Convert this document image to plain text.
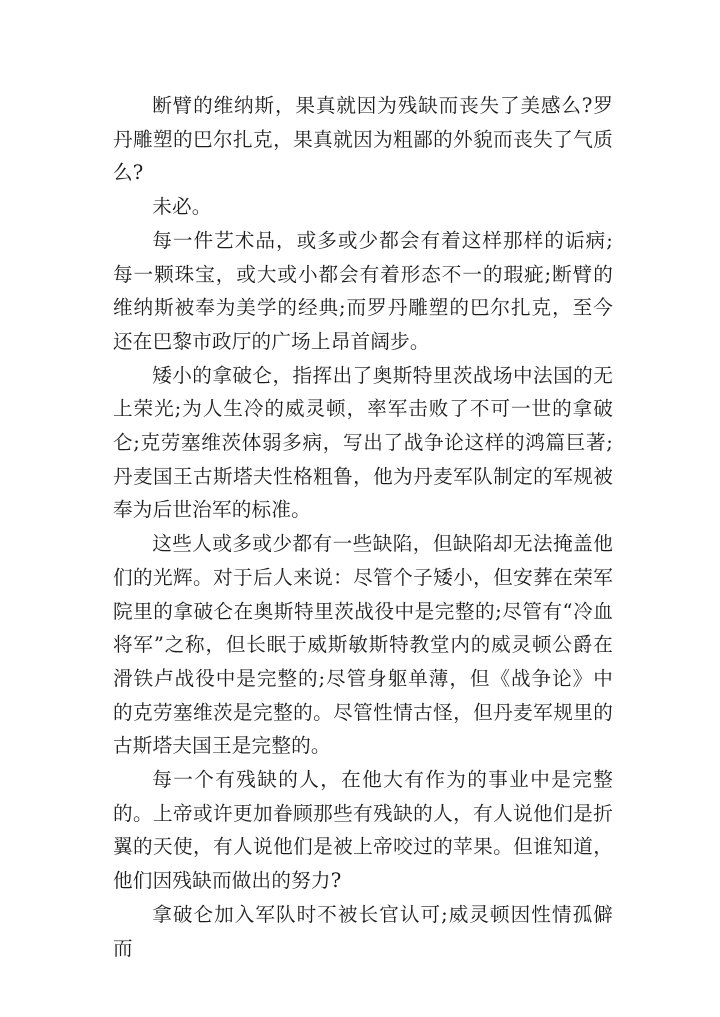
断臂的维纳斯，果真就因为残缺而丧失了美感么?罗丹雕塑的巴尔扎克，果真就因为粗鄙的外貌而丧失了气质么?

未必。

每一件艺术品，或多或少都会有着这样那样的诟病;每一颗珠宝，或大或小都会有着形态不一的瑕疵;断臂的维纳斯被奉为美学的经典;而罗丹雕塑的巴尔扎克，至今还在巴黎市政厅的广场上昂首阔步。

矮小的拿破仑，指挥出了奥斯特里茨战场中法国的无上荣光;为人生冷的威灵顿，率军击败了不可一世的拿破仑;克劳塞维茨体弱多病，写出了战争论这样的鸿篇巨著;丹麦国王古斯塔夫性格粗鲁，他为丹麦军队制定的军规被奉为后世治军的标准。

这些人或多或少都有一些缺陷，但缺陷却无法掩盖他们的光辉。对于后人来说：尽管个子矮小，但安葬在荣军院里的拿破仑在奥斯特里茨战役中是完整的;尽管有“冷血将军”之称，但长眠于威斯敏斯特教堂内的威灵顿公爵在滑铁卢战役中是完整的;尽管身躯单薄，但《战争论》中的克劳塞维茨是完整的。尽管性情古怪，但丹麦军规里的古斯塔夫国王是完整的。

每一个有残缺的人，在他大有作为的事业中是完整的。上帝或许更加眷顾那些有残缺的人，有人说他们是折翼的天使，有人说他们是被上帝咬过的苹果。但谁知道，他们因残缺而做出的努力?

拿破仑加入军队时不被长官认可;威灵顿因性情孤僻而
